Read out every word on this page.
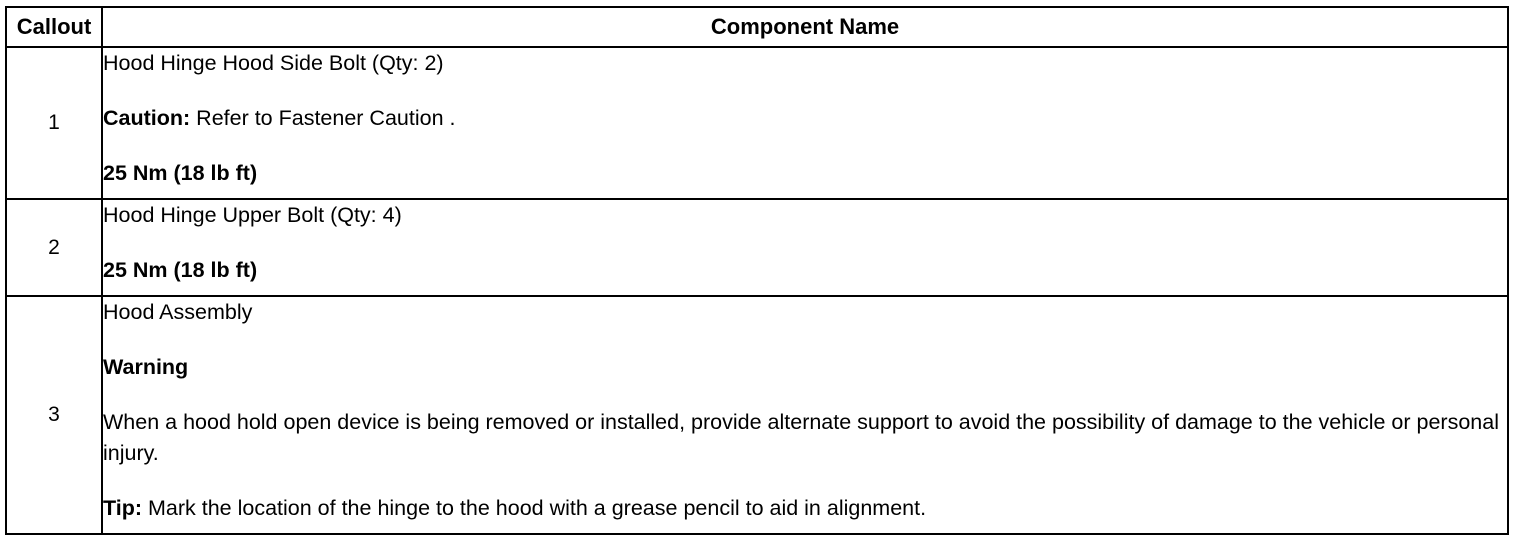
Callout	Component Name
1	Hood Hinge Hood Side Bolt (Qty: 2)

Caution: Refer to Fastener Caution .

25 Nm (18 lb ft)

2	Hood Hinge Upper Bolt (Qty: 4)

25 Nm (18 lb ft)

3	Hood Assembly

Warning

When a hood hold open device is being removed or installed, provide alternate support to avoid the possibility of damage to the vehicle or personal injury.

Tip: Mark the location of the hinge to the hood with a grease pencil to aid in alignment.
